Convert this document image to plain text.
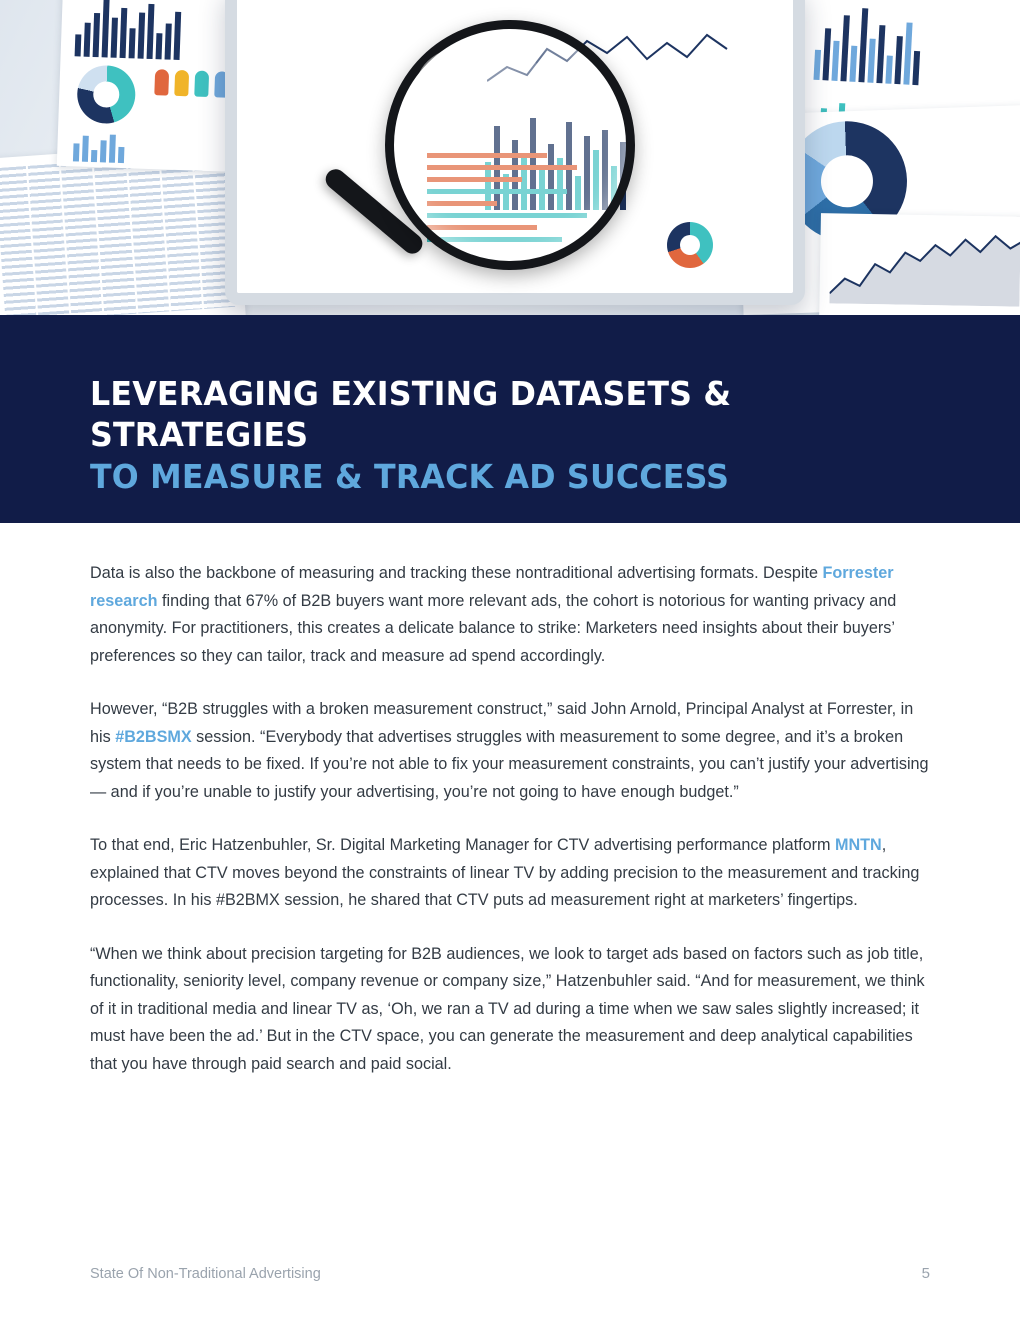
LEVERAGING EXISTING DATASETS & STRATEGIES
TO MEASURE & TRACK AD SUCCESS

Data is also the backbone of measuring and tracking these nontraditional advertising formats. Despite Forrester research finding that 67% of B2B buyers want more relevant ads, the cohort is notorious for wanting privacy and anonymity. For practitioners, this creates a delicate balance to strike: Marketers need insights about their buyers’ preferences so they can tailor, track and measure ad spend accordingly.

However, “B2B struggles with a broken measurement construct,” said John Arnold, Principal Analyst at Forrester, in his #B2BSMX session. “Everybody that advertises struggles with measurement to some degree, and it’s a broken system that needs to be fixed. If you’re not able to fix your measurement constraints, you can’t justify your advertising — and if you’re unable to justify your advertising, you’re not going to have enough budget.”

To that end, Eric Hatzenbuhler, Sr. Digital Marketing Manager for CTV advertising performance platform MNTN, explained that CTV moves beyond the constraints of linear TV by adding precision to the measurement and tracking processes. In his #B2BMX session, he shared that CTV puts ad measurement right at marketers’ fingertips.

“When we think about precision targeting for B2B audiences, we look to target ads based on factors such as job title, functionality, seniority level, company revenue or company size,” Hatzenbuhler said. “And for measurement, we think of it in traditional media and linear TV as, ‘Oh, we ran a TV ad during a time when we saw sales slightly increased; it must have been the ad.’ But in the CTV space, you can generate the measurement and deep analytical capabilities that you have through paid search and paid social.

State Of Non-Traditional Advertising	5
